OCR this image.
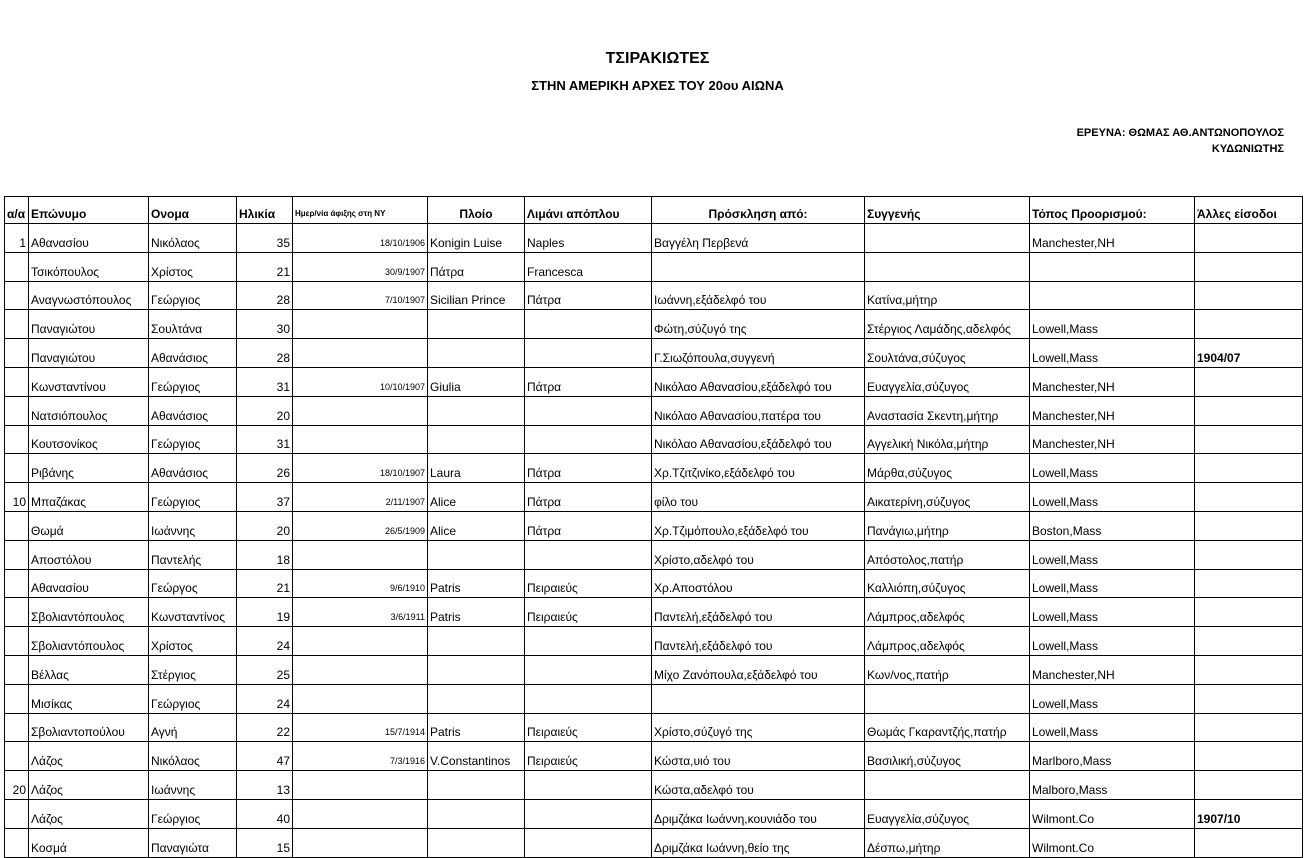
ΤΣΙΡΑΚΙΩΤΕΣ
ΣΤΗΝ ΑΜΕΡΙΚΗ ΑΡΧΕΣ ΤΟΥ 20ου ΑΙΩΝΑ
ΕΡΕΥΝΑ: ΘΩΜΑΣ ΑΘ.ΑΝΤΩΝΟΠΟΥΛΟΣ
ΚΥΔΩΝΙΩΤΗΣ
α/α	Επώνυμο	Ονομα	Ηλικία	Ημερ/νία άφιξης στη ΝΥ	Πλοίο	Λιμάνι απόπλου	Πρόσκληση από:	Συγγενής	Τόπος Προορισμού:	Άλλες είσοδοι
1	Αθανασίου	Νικόλαος	35	18/10/1906	Konigin Luise	Naples	Βαγγέλη Περβενά		Manchester,NH	
	Τσικόπουλος	Χρίστος	21	30/9/1907	Πάτρα	Francesca				
	Αναγνωστόπουλος	Γεώργιος	28	7/10/1907	Sicilian Prince	Πάτρα	Ιωάννη,εξάδελφό του	Κατίνα,μήτηρ		
	Παναγιώτου	Σουλτάνα	30				Φώτη,σύζυγό της	Στέργιος Λαμάδης,αδελφός	Lowell,Mass	
	Παναγιώτου	Αθανάσιος	28				Γ.Σιωζόπουλα,συγγενή	Σουλτάνα,σύζυγος	Lowell,Mass	1904/07
	Κωνσταντίνου	Γεώργιος	31	10/10/1907	Giulia	Πάτρα	Νικόλαο Αθανασίου,εξάδελφό του	Ευαγγελία,σύζυγος	Manchester,NH	
	Νατσιόπουλος	Αθανάσιος	20				Νικόλαο Αθανασίου,πατέρα του	Αναστασία Σκεντη,μήτηρ	Manchester,NH	
	Κουτσονίκος	Γεώργιος	31				Νικόλαο Αθανασίου,εξάδελφό του	Αγγελική Νικόλα,μήτηρ	Manchester,NH	
	Ριβάνης	Αθανάσιος	26	18/10/1907	Laura	Πάτρα	Χρ.Τζιτζινίκο,εξάδελφό του	Μάρθα,σύζυγος	Lowell,Mass	
10	Μπαζάκας	Γεώργιος	37	2/11/1907	Alice	Πάτρα	φίλο του	Αικατερίνη,σύζυγος	Lowell,Mass	
	Θωμά	Ιωάννης	20	26/5/1909	Alice	Πάτρα	Χρ.Τζιμόπουλο,εξάδελφό του	Πανάγιω,μήτηρ	Boston,Mass	
	Αποστόλου	Παντελής	18				Χρίστο,αδελφό του	Απόστολος,πατήρ	Lowell,Mass	
	Αθανασίου	Γεώργος	21	9/6/1910	Patris	Πειραιεύς	Χρ.Αποστόλου	Καλλιόπη,σύζυγος	Lowell,Mass	
	Σβολιαντόπουλος	Κωνσταντίνος	19	3/6/1911	Patris	Πειραιεύς	Παντελή,εξάδελφό του	Λάμπρος,αδελφός	Lowell,Mass	
	Σβολιαντόπουλος	Χρίστος	24				Παντελή,εξάδελφό του	Λάμπρος,αδελφός	Lowell,Mass	
	Βέλλας	Στέργιος	25				Μίχο Ζανόπουλα,εξάδελφό του	Κων/νος,πατήρ	Manchester,NH	
	Μισίκας	Γεώργιος	24						Lowell,Mass	
	Σβολιαντοπούλου	Αγνή	22	15/7/1914	Patris	Πειραιεύς	Χρίστο,σύζυγό της	Θωμάς Γκαραντζής,πατήρ	Lowell,Mass	
	Λάζος	Νικόλαος	47	7/3/1916	V.Constantinos	Πειραιεύς	Κώστα,υιό του	Βασιλική,σύζυγος	Marlboro,Mass	
20	Λάζος	Ιωάννης	13				Κώστα,αδελφό του		Malboro,Mass	
	Λάζος	Γεώργιος	40				Δριμζάκα Ιωάννη,κουνιάδο του	Ευαγγελία,σύζυγος	Wilmont.Co	1907/10
	Κοσμά	Παναγιώτα	15				Δριμζάκα Ιωάννη,θείο της	Δέσπω,μήτηρ	Wilmont.Co	
